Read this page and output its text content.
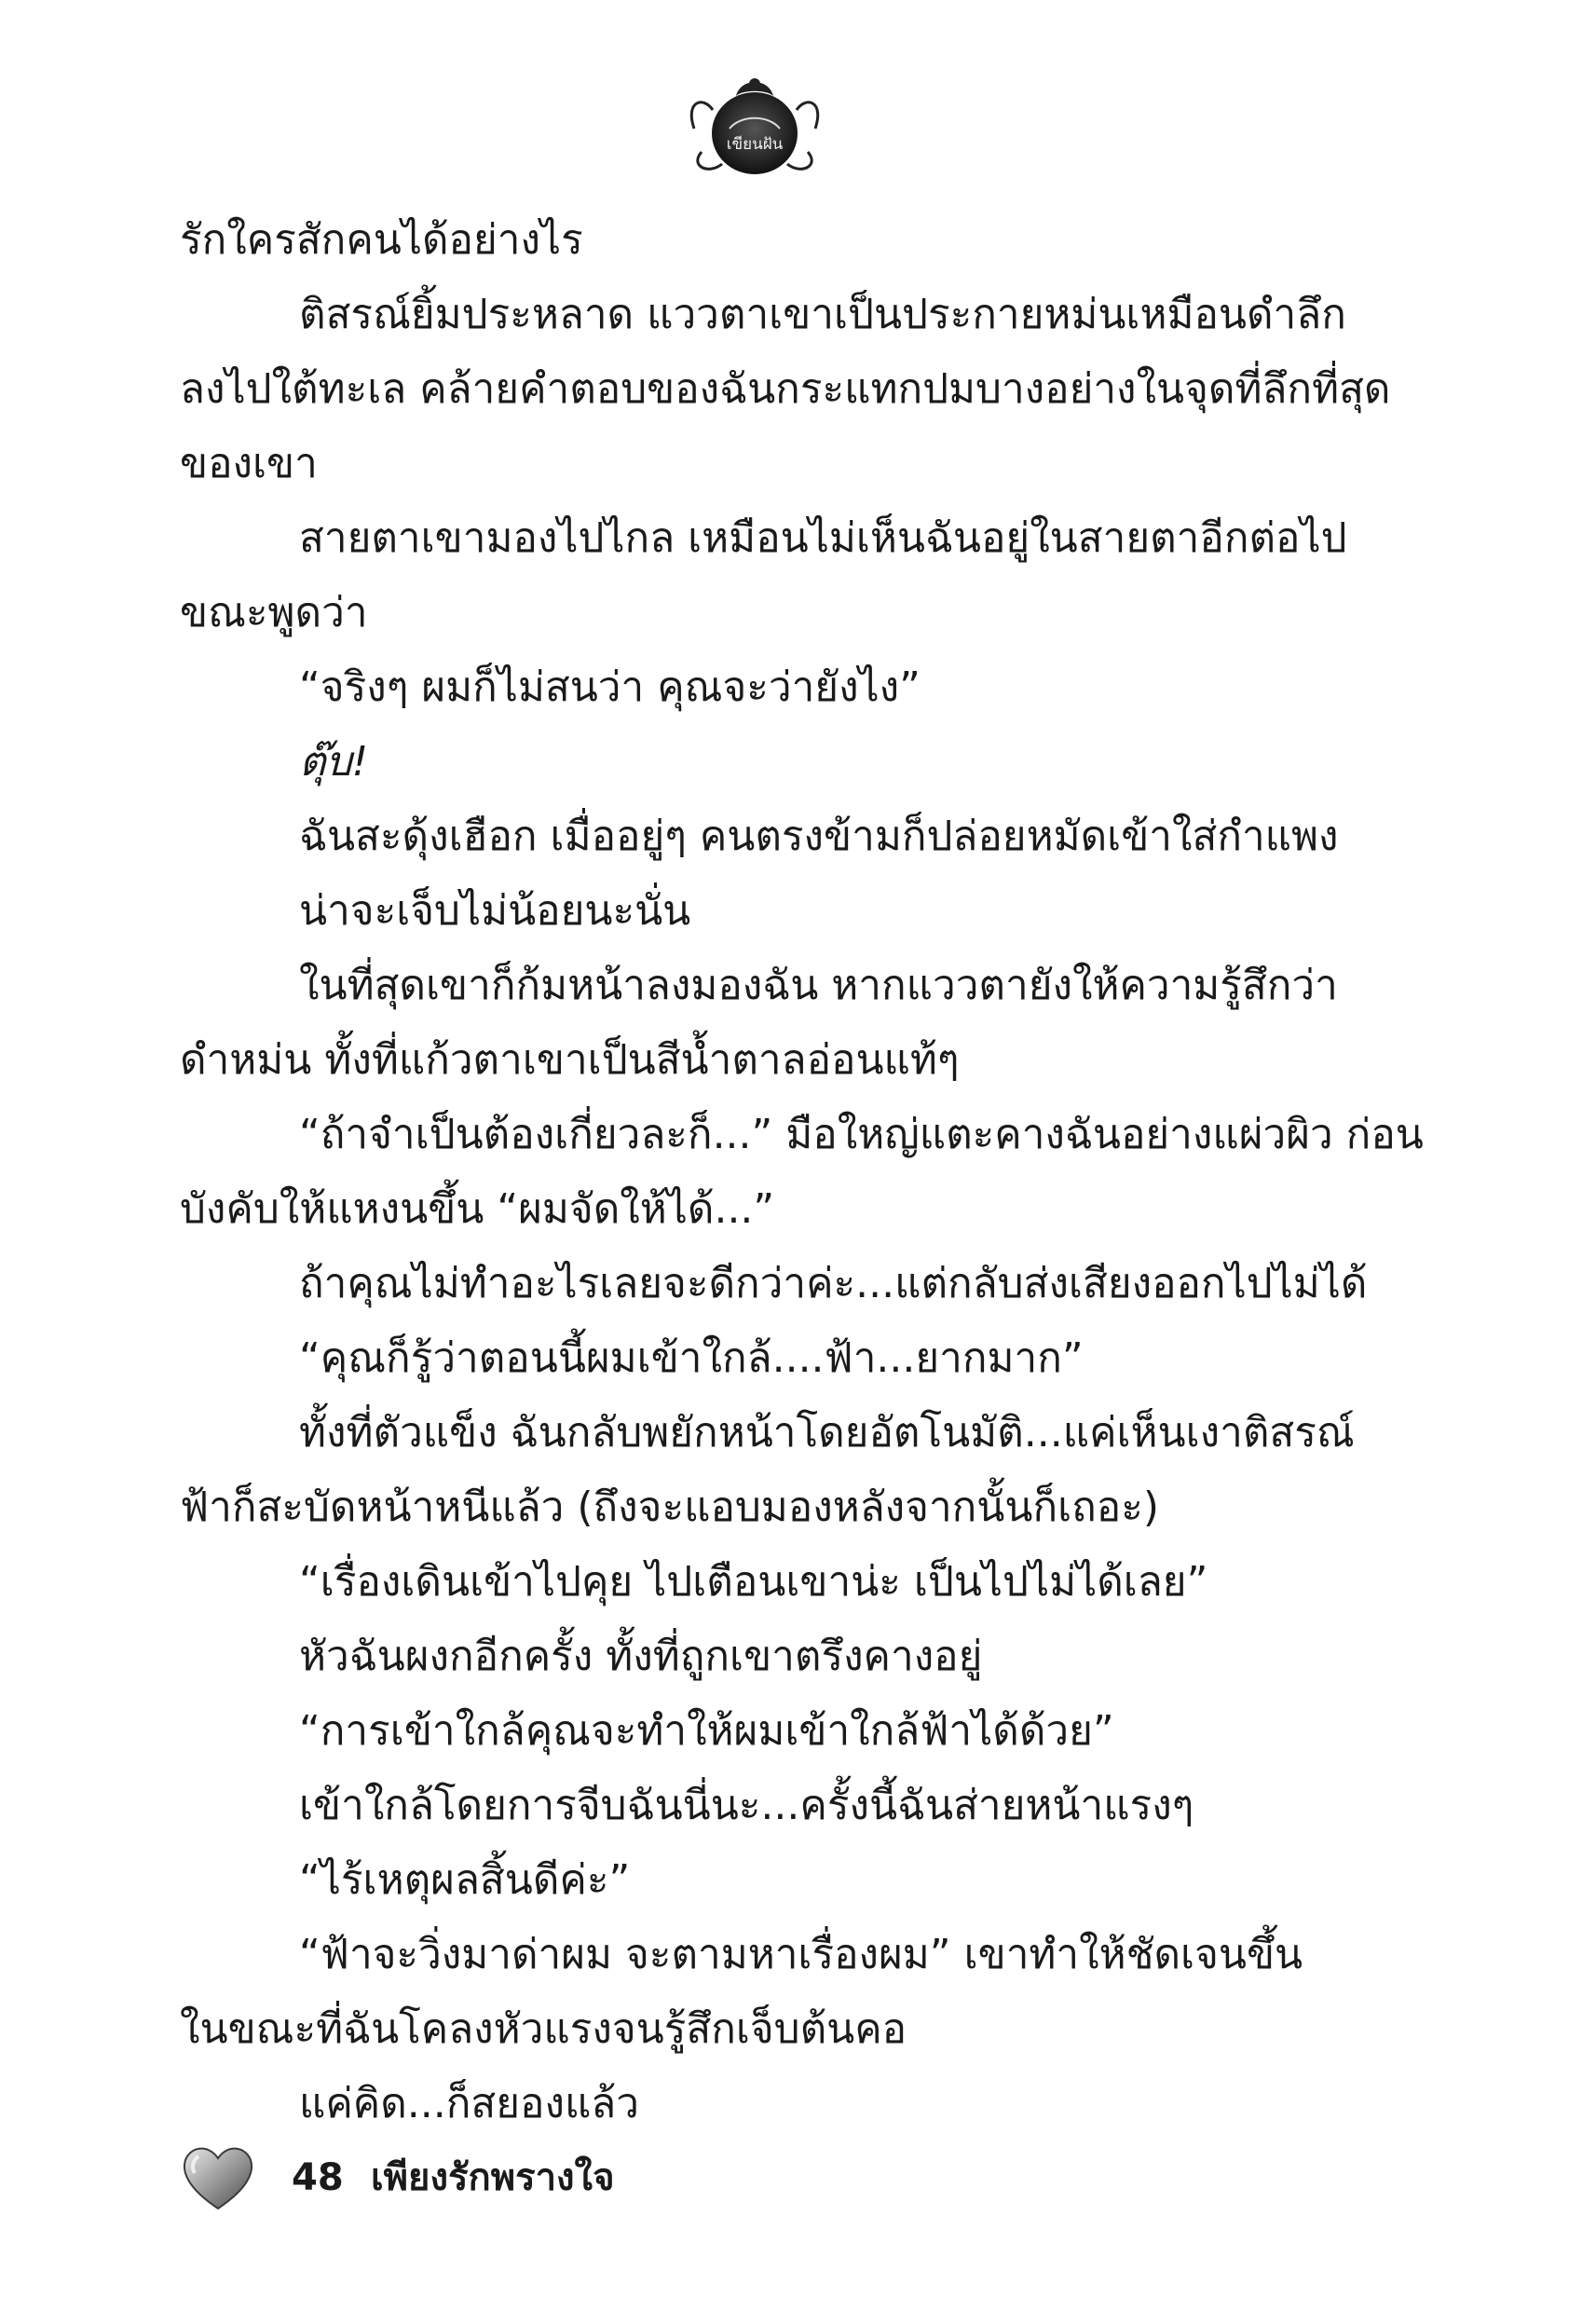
เขียนฝัน
รักใครสักคนได้อย่างไร
ติสรณ์ยิ้มประหลาด แววตาเขาเป็นประกายหม่นเหมือนดำลึก
ลงไปใต้ทะเล คล้ายคำตอบของฉันกระแทกปมบางอย่างในจุดที่ลึกที่สุด
ของเขา
สายตาเขามองไปไกล เหมือนไม่เห็นฉันอยู่ในสายตาอีกต่อไป
ขณะพูดว่า
“จริงๆ ผมก็ไม่สนว่า คุณจะว่ายังไง”
ตุ๊บ!
ฉันสะดุ้งเฮือก เมื่ออยู่ๆ คนตรงข้ามก็ปล่อยหมัดเข้าใส่กำแพง
น่าจะเจ็บไม่น้อยนะนั่น
ในที่สุดเขาก็ก้มหน้าลงมองฉัน หากแววตายังให้ความรู้สึกว่า
ดำหม่น ทั้งที่แก้วตาเขาเป็นสีน้ำตาลอ่อนแท้ๆ
“ถ้าจำเป็นต้องเกี่ยวละก็...” มือใหญ่แตะคางฉันอย่างแผ่วผิว ก่อน
บังคับให้แหงนขึ้น “ผมจัดให้ได้...”
ถ้าคุณไม่ทำอะไรเลยจะดีกว่าค่ะ...แต่กลับส่งเสียงออกไปไม่ได้
“คุณก็รู้ว่าตอนนี้ผมเข้าใกล้....ฟ้า...ยากมาก”
ทั้งที่ตัวแข็ง ฉันกลับพยักหน้าโดยอัตโนมัติ...แค่เห็นเงาติสรณ์
ฟ้าก็สะบัดหน้าหนีแล้ว (ถึงจะแอบมองหลังจากนั้นก็เถอะ)
“เรื่องเดินเข้าไปคุย ไปเตือนเขาน่ะ เป็นไปไม่ได้เลย”
หัวฉันผงกอีกครั้ง ทั้งที่ถูกเขาตรึงคางอยู่
“การเข้าใกล้คุณจะทำให้ผมเข้าใกล้ฟ้าได้ด้วย”
เข้าใกล้โดยการจีบฉันนี่นะ...ครั้งนี้ฉันส่ายหน้าแรงๆ
“ไร้เหตุผลสิ้นดีค่ะ”
“ฟ้าจะวิ่งมาด่าผม จะตามหาเรื่องผม” เขาทำให้ชัดเจนขึ้น
ในขณะที่ฉันโคลงหัวแรงจนรู้สึกเจ็บต้นคอ
แค่คิด...ก็สยองแล้ว
48 เพียงรักพรางใจ
